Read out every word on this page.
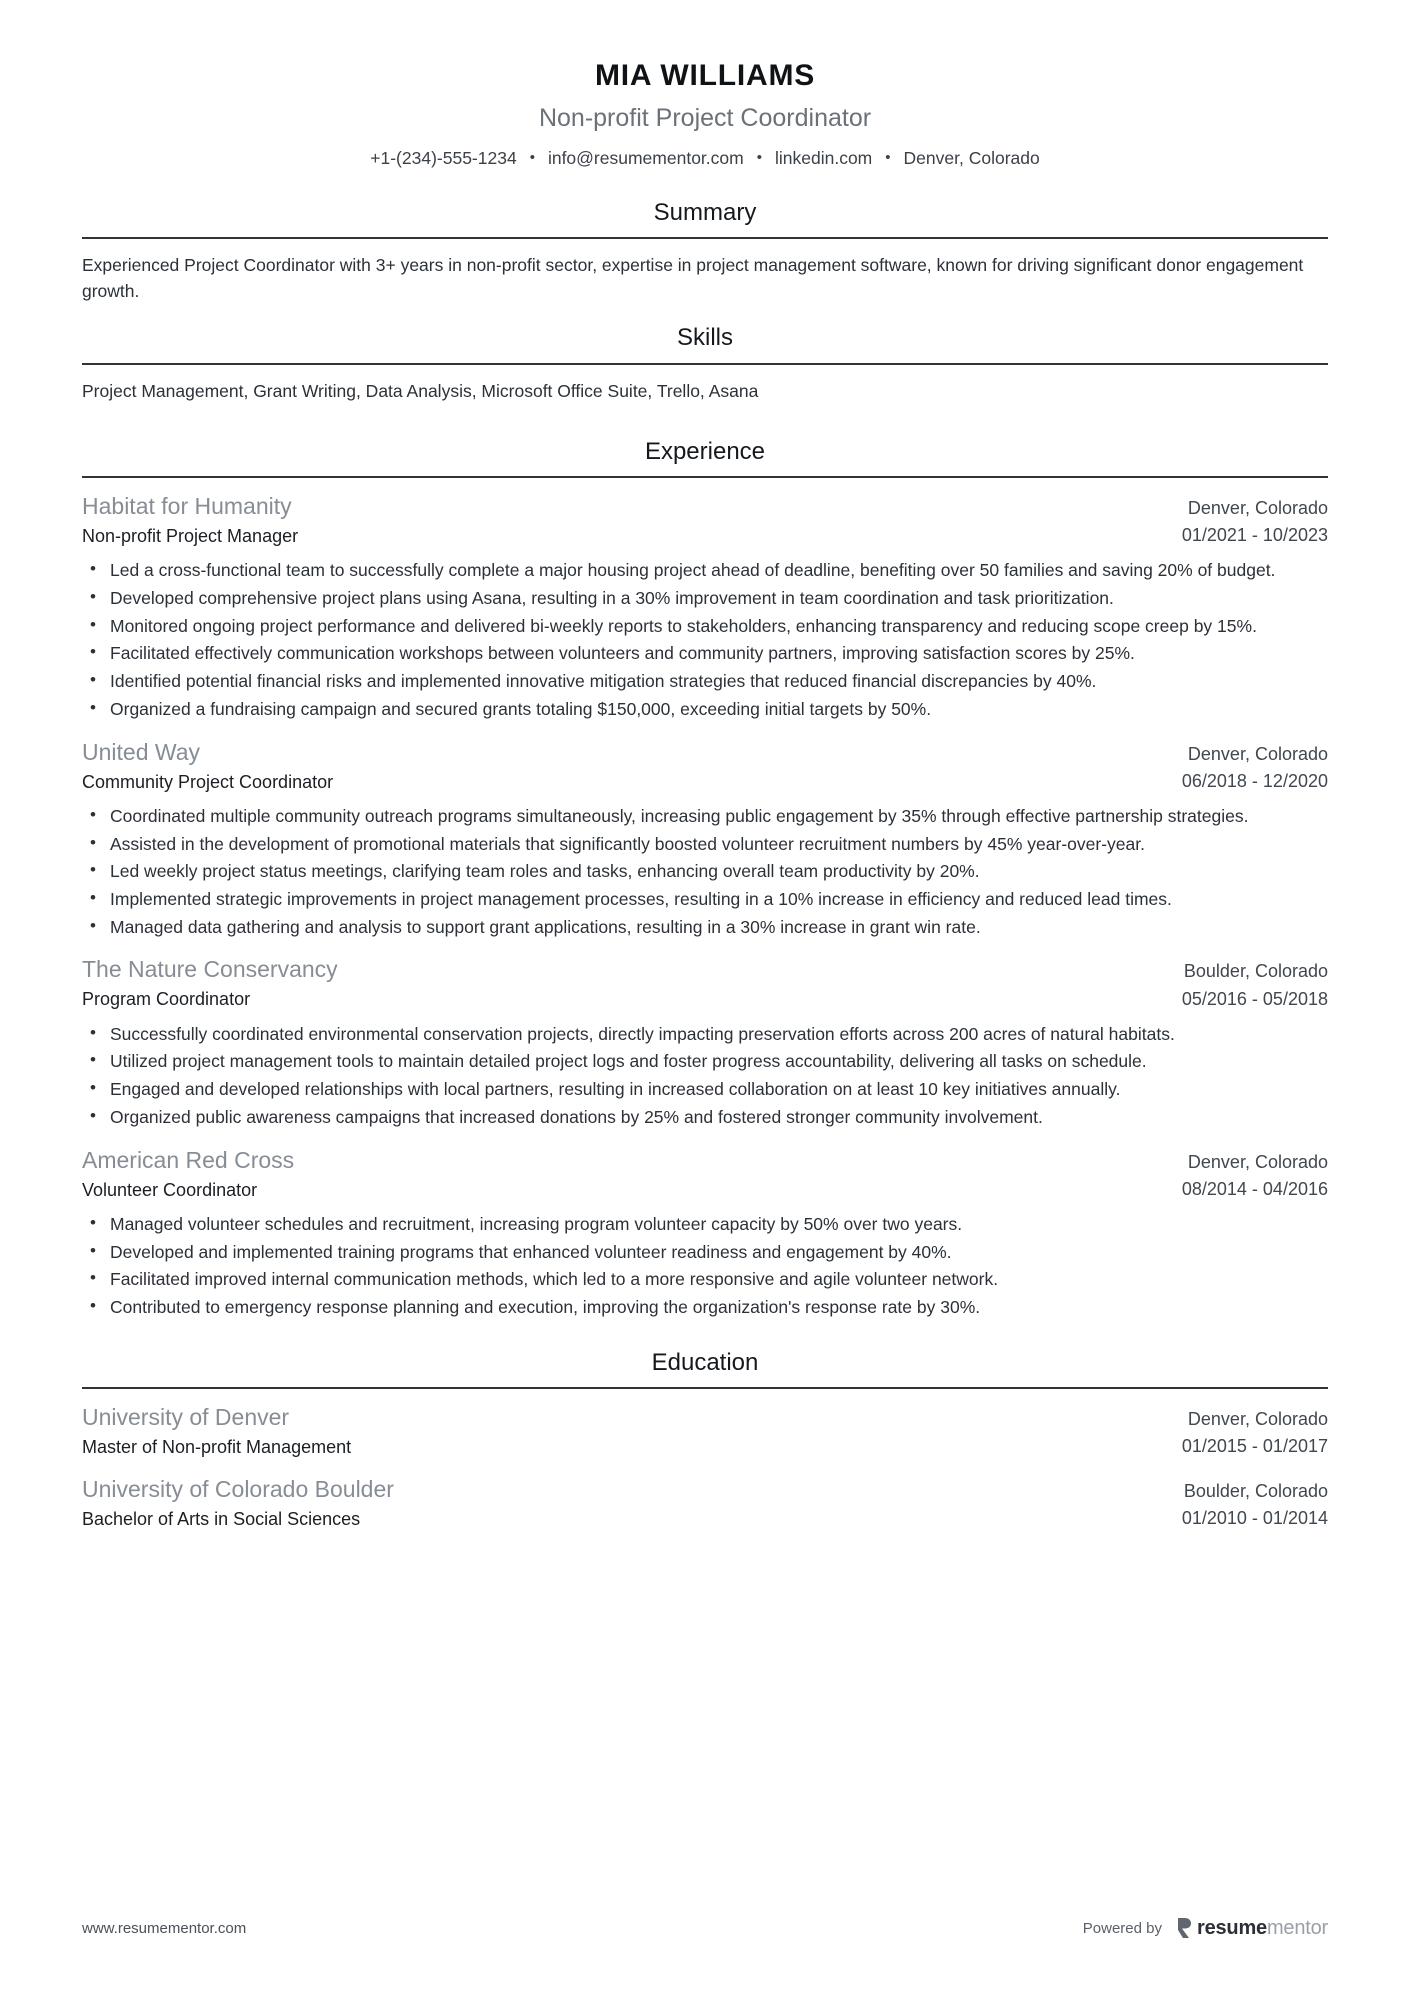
MIA WILLIAMS
Non-profit Project Coordinator
+1-(234)-555-1234 • info@resumementor.com • linkedin.com • Denver, Colorado
Summary
Experienced Project Coordinator with 3+ years in non-profit sector, expertise in project management software, known for driving significant donor engagement growth.
Skills
Project Management, Grant Writing, Data Analysis, Microsoft Office Suite, Trello, Asana
Experience
Habitat for Humanity
Non-profit Project Manager
Denver, Colorado
01/2021 - 10/2023
• Led a cross-functional team to successfully complete a major housing project ahead of deadline, benefiting over 50 families and saving 20% of budget.
• Developed comprehensive project plans using Asana, resulting in a 30% improvement in team coordination and task prioritization.
• Monitored ongoing project performance and delivered bi-weekly reports to stakeholders, enhancing transparency and reducing scope creep by 15%.
• Facilitated effectively communication workshops between volunteers and community partners, improving satisfaction scores by 25%.
• Identified potential financial risks and implemented innovative mitigation strategies that reduced financial discrepancies by 40%.
• Organized a fundraising campaign and secured grants totaling $150,000, exceeding initial targets by 50%.
United Way
Community Project Coordinator
Denver, Colorado
06/2018 - 12/2020
• Coordinated multiple community outreach programs simultaneously, increasing public engagement by 35% through effective partnership strategies.
• Assisted in the development of promotional materials that significantly boosted volunteer recruitment numbers by 45% year-over-year.
• Led weekly project status meetings, clarifying team roles and tasks, enhancing overall team productivity by 20%.
• Implemented strategic improvements in project management processes, resulting in a 10% increase in efficiency and reduced lead times.
• Managed data gathering and analysis to support grant applications, resulting in a 30% increase in grant win rate.
The Nature Conservancy
Program Coordinator
Boulder, Colorado
05/2016 - 05/2018
• Successfully coordinated environmental conservation projects, directly impacting preservation efforts across 200 acres of natural habitats.
• Utilized project management tools to maintain detailed project logs and foster progress accountability, delivering all tasks on schedule.
• Engaged and developed relationships with local partners, resulting in increased collaboration on at least 10 key initiatives annually.
• Organized public awareness campaigns that increased donations by 25% and fostered stronger community involvement.
American Red Cross
Volunteer Coordinator
Denver, Colorado
08/2014 - 04/2016
• Managed volunteer schedules and recruitment, increasing program volunteer capacity by 50% over two years.
• Developed and implemented training programs that enhanced volunteer readiness and engagement by 40%.
• Facilitated improved internal communication methods, which led to a more responsive and agile volunteer network.
• Contributed to emergency response planning and execution, improving the organization's response rate by 30%.
Education
University of Denver
Master of Non-profit Management
Denver, Colorado
01/2015 - 01/2017
University of Colorado Boulder
Bachelor of Arts in Social Sciences
Boulder, Colorado
01/2010 - 01/2014
www.resumementor.com	Powered by resumementor
